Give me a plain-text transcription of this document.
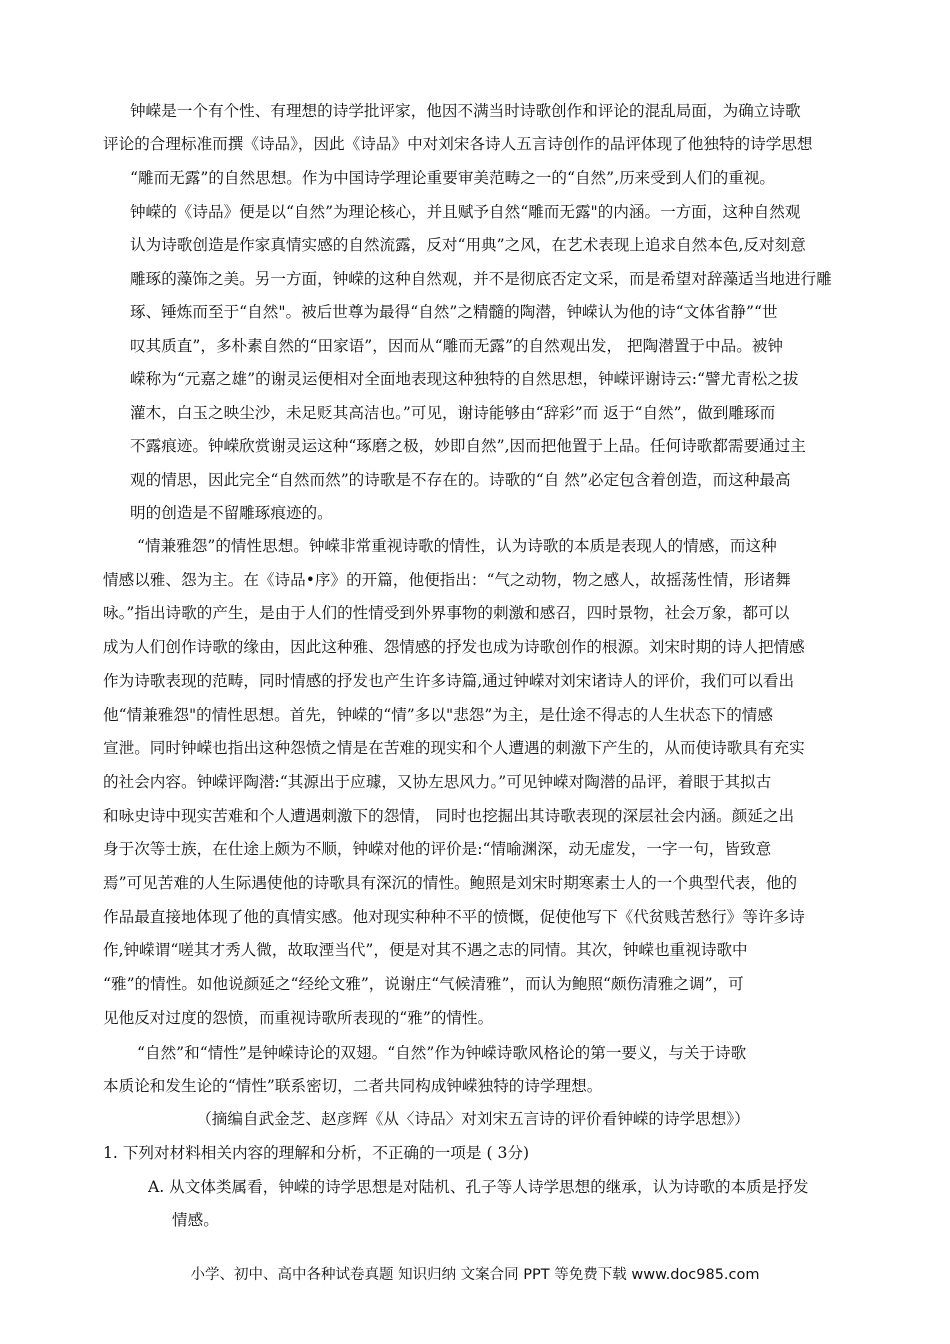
钟嵘是一个有个性、有理想的诗学批评家，他因不满当时诗歌创作和评论的混乱局面，为确立诗歌
评论的合理标准而撰《诗品》，因此《诗品》中对刘宋各诗人五言诗创作的品评体现了他独特的诗学思想
“雕而无露”的自然思想。作为中国诗学理论重要审美范畴之一的“自然”,历来受到人们的重视。
钟嵘的《诗品》便是以“自然”为理论核心，并且赋予自然“雕而无露"的内涵。一方面，这种自然观
认为诗歌创造是作家真情实感的自然流露，反对“用典”之风，在艺术表现上追求自然本色,反对刻意
雕琢的藻饰之美。另一方面，钟嵘的这种自然观，并不是彻底否定文采，而是希望对辞藻适当地进行雕
琢、锤炼而至于“自然"。被后世尊为最得“自然”之精髓的陶潜，钟嵘认为他的诗“文体省静”“世
叹其质直”，多朴素自然的“田家语”，因而从“雕而无露”的自然观出发， 把陶潜置于中品。被钟
嵘称为“元嘉之雄”的谢灵运便相对全面地表现这种独特的自然思想，钟嵘评谢诗云:“譬尤青松之拔
灌木，白玉之映尘沙，未足贬其高洁也。”可见，谢诗能够由“辞彩”而 返于“自然”，做到雕琢而
不露痕迹。钟嵘欣赏谢灵运这种“琢磨之极，妙即自然”,因而把他置于上品。任何诗歌都需要通过主
观的情思，因此完全“自然而然”的诗歌是不存在的。诗歌的“自 然”必定包含着创造，而这种最高
明的创造是不留雕琢痕迹的。
“情兼雅怨”的情性思想。钟嵘非常重视诗歌的情性，认为诗歌的本质是表现人的情感，而这种
情感以雅、怨为主。在《诗品•序》的开篇，他便指出：“气之动物，物之感人，故摇荡性情，形诸舞
咏。”指出诗歌的产生，是由于人们的性情受到外界事物的刺激和感召，四时景物，社会万象，都可以
成为人们创作诗歌的缘由，因此这种雅、怨情感的抒发也成为诗歌创作的根源。刘宋时期的诗人把情感
作为诗歌表现的范畴，同时情感的抒发也产生许多诗篇,通过钟嵘对刘宋诸诗人的评价，我们可以看出
他“情兼雅怨"的情性思想。首先，钟嵘的“情”多以"悲怨”为主，是仕途不得志的人生状态下的情感
宣泄。同时钟嵘也指出这种怨愤之情是在苦难的现实和个人遭遇的刺激下产生的，从而使诗歌具有充实
的社会内容。钟嵘评陶潜:“其源出于应璩，又协左思风力。”可见钟嵘对陶潜的品评，着眼于其拟古
和咏史诗中现实苦难和个人遭遇刺激下的怨情， 同时也挖掘出其诗歌表现的深层社会内涵。颜延之出
身于次等士族，在仕途上颇为不顺，钟嵘对他的评价是:“情喻渊深，动无虚发，一字一句，皆致意
焉”可见苦难的人生际遇使他的诗歌具有深沉的情性。鲍照是刘宋时期寒素士人的一个典型代表，他的
作品最直接地体现了他的真情实感。他对现实种种不平的愤慨，促使他写下《代贫贱苦愁行》等许多诗
作,钟嵘谓“嗟其才秀人微，故取湮当代”，便是对其不遇之志的同情。其次，钟嵘也重视诗歌中
“雅”的情性。如他说颜延之“经纶文雅”，说谢庄“气候清雅”，而认为鲍照“颇伤清雅之调”，可
见他反对过度的怨愤，而重视诗歌所表现的“雅”的情性。
“自然”和“情性”是钟嵘诗论的双翅。“自然”作为钟嵘诗歌风格论的第一要义，与关于诗歌
本质论和发生论的“情性”联系密切，二者共同构成钟嵘独特的诗学理想。
（摘编自武金芝、赵彦辉《从〈诗品〉对刘宋五言诗的评价看钟嵘的诗学思想》）
1. 下列对材料相关内容的理解和分析，不正确的一项是 ( 3分)
A. 从文体类属看，钟嵘的诗学思想是对陆机、孔子等人诗学思想的继承，认为诗歌的本质是抒发
情感。
小学、初中、高中各种试卷真题 知识归纳 文案合同 PPT 等免费下载 www.doc985.com
